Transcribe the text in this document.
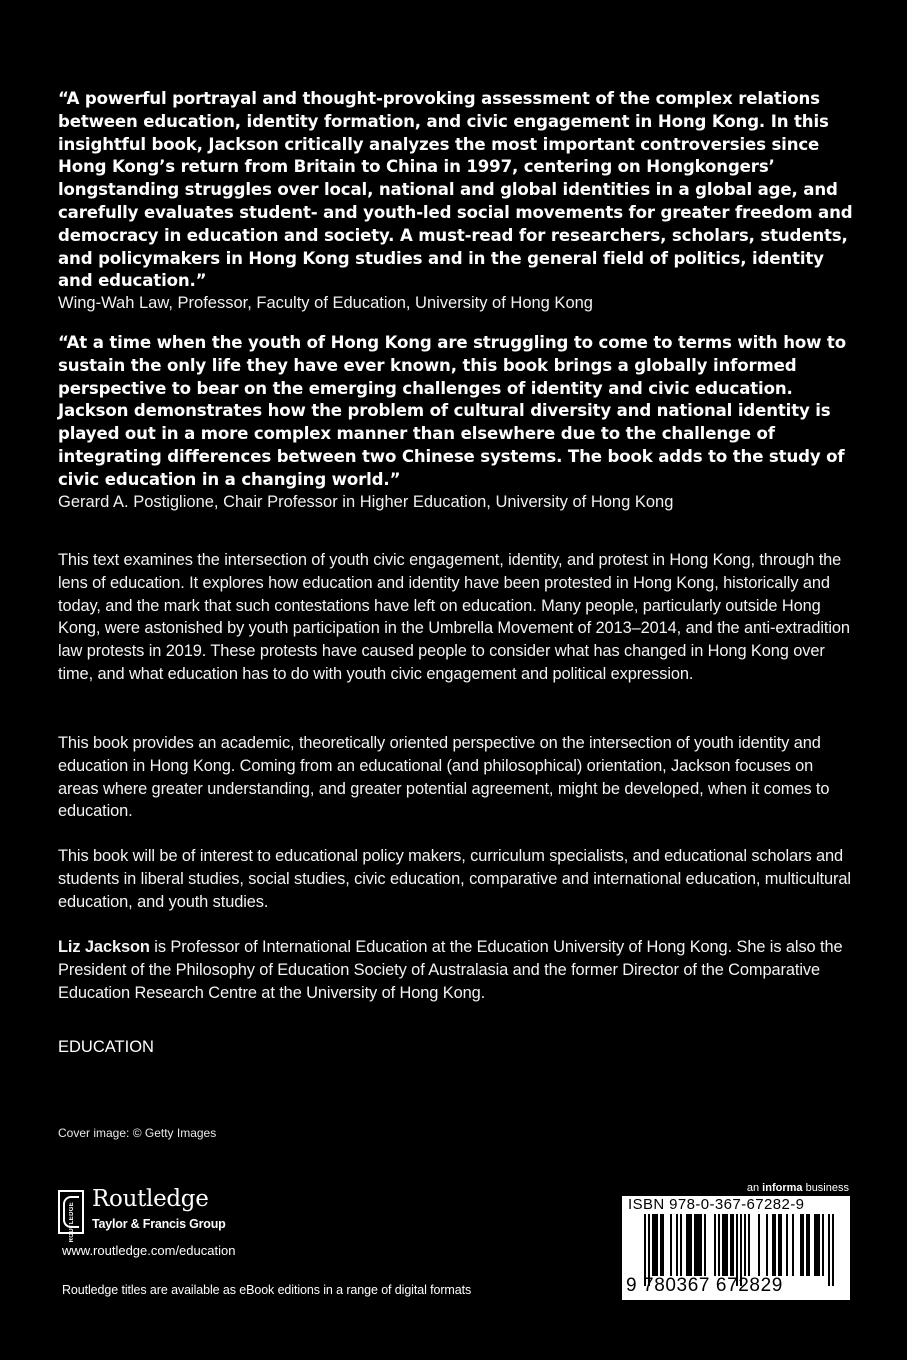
“A powerful portrayal and thought-provoking assessment of the complex relations between education, identity formation, and civic engagement in Hong Kong. In this insightful book, Jackson critically analyzes the most important controversies since Hong Kong’s return from Britain to China in 1997, centering on Hongkongers’ longstanding struggles over local, national and global identities in a global age, and carefully evaluates student- and youth-led social movements for greater freedom and democracy in education and society. A must-read for researchers, scholars, students, and policymakers in Hong Kong studies and in the general field of politics, identity and education.”

Wing-Wah Law, Professor, Faculty of Education, University of Hong Kong

“At a time when the youth of Hong Kong are struggling to come to terms with how to sustain the only life they have ever known, this book brings a globally informed perspective to bear on the emerging challenges of identity and civic education. Jackson demonstrates how the problem of cultural diversity and national identity is played out in a more complex manner than elsewhere due to the challenge of integrating differences between two Chinese systems. The book adds to the study of civic education in a changing world.”

Gerard A. Postiglione, Chair Professor in Higher Education, University of Hong Kong

This text examines the intersection of youth civic engagement, identity, and protest in Hong Kong, through the lens of education. It explores how education and identity have been protested in Hong Kong, historically and today, and the mark that such contestations have left on education. Many people, particularly outside Hong Kong, were astonished by youth participation in the Umbrella Movement of 2013–2014, and the anti-extradition law protests in 2019. These protests have caused people to consider what has changed in Hong Kong over time, and what education has to do with youth civic engagement and political expression.

This book provides an academic, theoretically oriented perspective on the intersection of youth identity and education in Hong Kong. Coming from an educational (and philosophical) orientation, Jackson focuses on areas where greater understanding, and greater potential agreement, might be developed, when it comes to education.

This book will be of interest to educational policy makers, curriculum specialists, and educational scholars and students in liberal studies, social studies, civic education, comparative and international education, multicultural education, and youth studies.

Liz Jackson is Professor of International Education at the Education University of Hong Kong. She is also the President of the Philosophy of Education Society of Australasia and the former Director of the Comparative Education Research Centre at the University of Hong Kong.

EDUCATION

Cover image: © Getty Images

ROUTLEDGE
Routledge
Taylor & Francis Group

www.routledge.com/education

Routledge titles are available as eBook editions in a range of digital formats

an informa business

ISBN 978-0-367-67282-9
9 780367 672829
